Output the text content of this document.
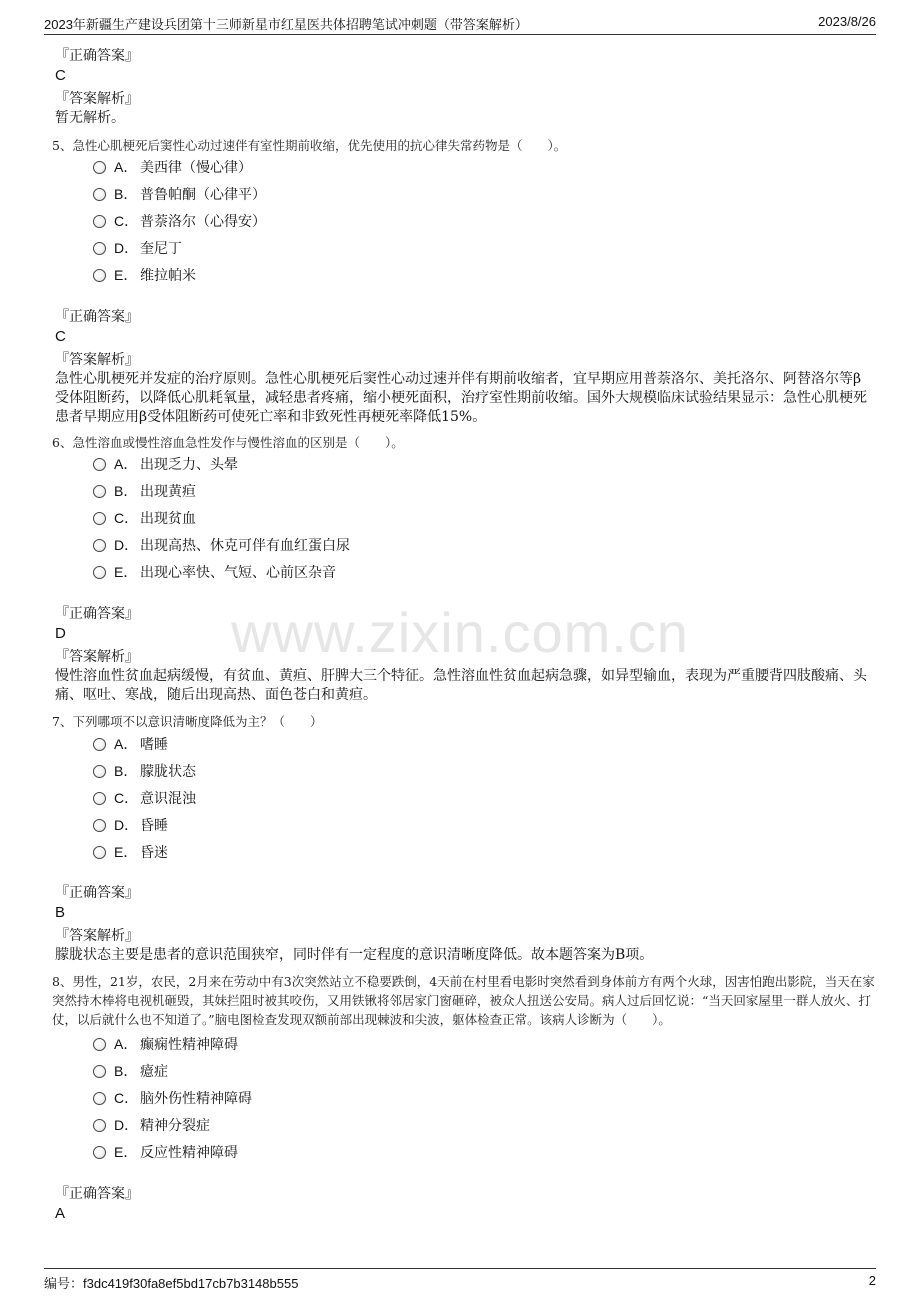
www.zixin.com.cn
2023年新疆生产建设兵团第十三师新星市红星医共体招聘笔试冲刺题（带答案解析）	2023/8/26
『正确答案』
C
『答案解析』
暂无解析。
5、急性心肌梗死后窦性心动过速伴有室性期前收缩，优先使用的抗心律失常药物是（　　）。
A． 美西律（慢心律）
B． 普鲁帕酮（心律平）
C． 普萘洛尔（心得安）
D． 奎尼丁
E． 维拉帕米
『正确答案』
C
『答案解析』
急性心肌梗死并发症的治疗原则。急性心肌梗死后窦性心动过速并伴有期前收缩者，宜早期应用普萘洛尔、美托洛尔、阿替洛尔等β受体阻断药，以降低心肌耗氧量，减轻患者疼痛，缩小梗死面积，治疗室性期前收缩。国外大规模临床试验结果显示：急性心肌梗死患者早期应用β受体阻断药可使死亡率和非致死性再梗死率降低15%。
6、急性溶血或慢性溶血急性发作与慢性溶血的区别是（　　）。
A． 出现乏力、头晕
B． 出现黄疸
C． 出现贫血
D． 出现高热、休克可伴有血红蛋白尿
E． 出现心率快、气短、心前区杂音
『正确答案』
D
『答案解析』
慢性溶血性贫血起病缓慢，有贫血、黄疸、肝脾大三个特征。急性溶血性贫血起病急骤，如异型输血，表现为严重腰背四肢酸痛、头痛、呕吐、寒战，随后出现高热、面色苍白和黄疸。
7、下列哪项不以意识清晰度降低为主？（　　）
A． 嗜睡
B． 朦胧状态
C． 意识混浊
D． 昏睡
E． 昏迷
『正确答案』
B
『答案解析』
朦胧状态主要是患者的意识范围狭窄，同时伴有一定程度的意识清晰度降低。故本题答案为B项。
8、男性，21岁，农民，2月来在劳动中有3次突然站立不稳要跌倒，4天前在村里看电影时突然看到身体前方有两个火球，因害怕跑出影院，当天在家突然持木棒将电视机砸毁，其妹拦阻时被其咬伤，又用铁锹将邻居家门窗砸碎，被众人扭送公安局。病人过后回忆说：“当天回家屋里一群人放火、打仗，以后就什么也不知道了。”脑电图检查发现双额前部出现棘波和尖波，躯体检查正常。该病人诊断为（　　）。
A． 癫痫性精神障碍
B． 癔症
C． 脑外伤性精神障碍
D． 精神分裂症
E． 反应性精神障碍
『正确答案』
A
编号：f3dc419f30fa8ef5bd17cb7b3148b555	2
